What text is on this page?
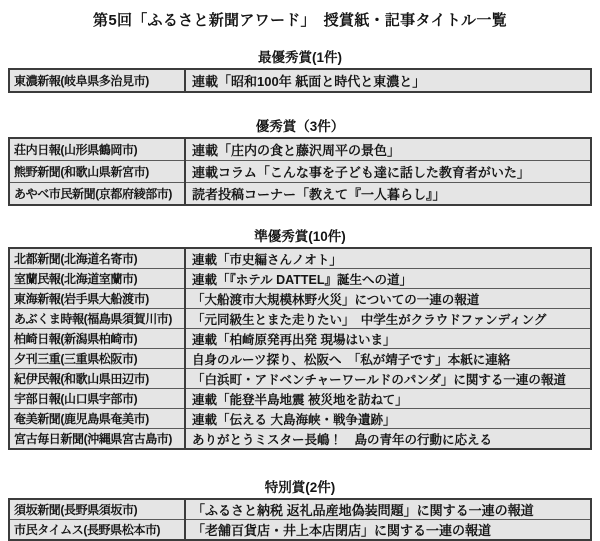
第5回「ふるさと新聞アワード」　授賞紙・記事タイトル一覧
最優秀賞(1件)
東濃新報(岐阜県多治見市)	連載「昭和100年 紙面と時代と東濃と」
優秀賞（3件）
荘内日報(山形県鶴岡市)	連載「庄内の食と藤沢周平の景色」
熊野新聞(和歌山県新宮市)	連載コラム「こんな事を子ども達に話した教育者がいた」
あやべ市民新聞(京都府綾部市)	読者投稿コーナー「教えて『一人暮らし』」
準優秀賞(10件)
北都新聞(北海道名寄市)	連載「市史編さんノオト」
室蘭民報(北海道室蘭市)	連載「『ホテル DATTEL』誕生への道」
東海新報(岩手県大船渡市)	「大船渡市大規模林野火災」についての一連の報道
あぶくま時報(福島県須賀川市)	「元同級生とまた走りたい」　中学生がクラウドファンディング
柏崎日報(新潟県柏崎市)	連載「柏崎原発再出発 現場はいま」
夕刊三重(三重県松阪市)	自身のルーツ探り、松阪へ　「私が靖子です」本紙に連絡
紀伊民報(和歌山県田辺市)	「白浜町・アドベンチャーワールドのパンダ」に関する一連の報道
宇部日報(山口県宇部市)	連載「能登半島地震 被災地を訪ねて」
奄美新聞(鹿児島県奄美市)	連載「伝える 大島海峡・戦争遺跡」
宮古毎日新聞(沖縄県宮古島市)	ありがとうミスター長嶋！　島の青年の行動に応える
特別賞(2件)
須坂新聞(長野県須坂市)	「ふるさと納税 返礼品産地偽装問題」に関する一連の報道
市民タイムス(長野県松本市)	「老舗百貨店・井上本店閉店」に関する一連の報道
